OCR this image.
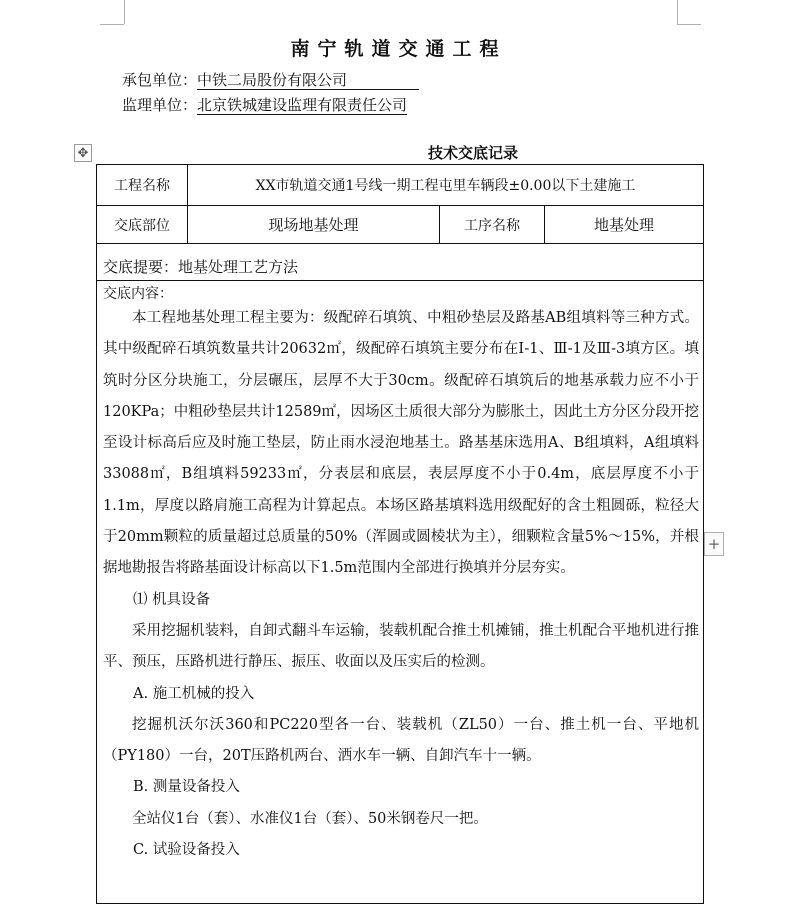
南宁轨道交通工程
承包单位：中铁二局股份有限公司
监理单位：北京铁城建设监理有限责任公司
✥	技术交底记录
工程名称	XX市轨道交通1号线一期工程屯里车辆段±0.00以下土建施工
交底部位	现场地基处理	工序名称	地基处理
交底提要：地基处理工艺方法
交底内容：

本工程地基处理工程主要为：级配碎石填筑、中粗砂垫层及路基AB组填料等三种方式。其中级配碎石填筑数量共计20632㎡，级配碎石填筑主要分布在Ⅰ-1、Ⅲ-1及Ⅲ-3填方区。填筑时分区分块施工，分层碾压，层厚不大于30cm。级配碎石填筑后的地基承载力应不小于120KPa；中粗砂垫层共计12589㎡，因场区土质很大部分为膨胀土，因此土方分区分段开挖至设计标高后应及时施工垫层，防止雨水浸泡地基土。路基基床选用A、B组填料，A组填料33088㎡，B组填料59233㎡，分表层和底层，表层厚度不小于0.4m，底层厚度不小于1.1m，厚度以路肩施工高程为计算起点。本场区路基填料选用级配好的含土粗圆砾，粒径大于20mm颗粒的质量超过总质量的50%（浑圆或圆棱状为主），细颗粒含量5%～15%，并根据地勘报告将路基面设计标高以下1.5m范围内全部进行换填并分层夯实。

⑴ 机具设备

采用挖掘机装料，自卸式翻斗车运输，装载机配合推土机摊铺，推土机配合平地机进行推平、预压，压路机进行静压、振压、收面以及压实后的检测。

A. 施工机械的投入

挖掘机沃尔沃360和PC220型各一台、装载机（ZL50）一台、推土机一台、平地机（PY180）一台，20T压路机两台、洒水车一辆、自卸汽车十一辆。

B. 测量设备投入

全站仪1台（套）、水准仪1台（套）、50米钢卷尺一把。

C. 试验设备投入

+
